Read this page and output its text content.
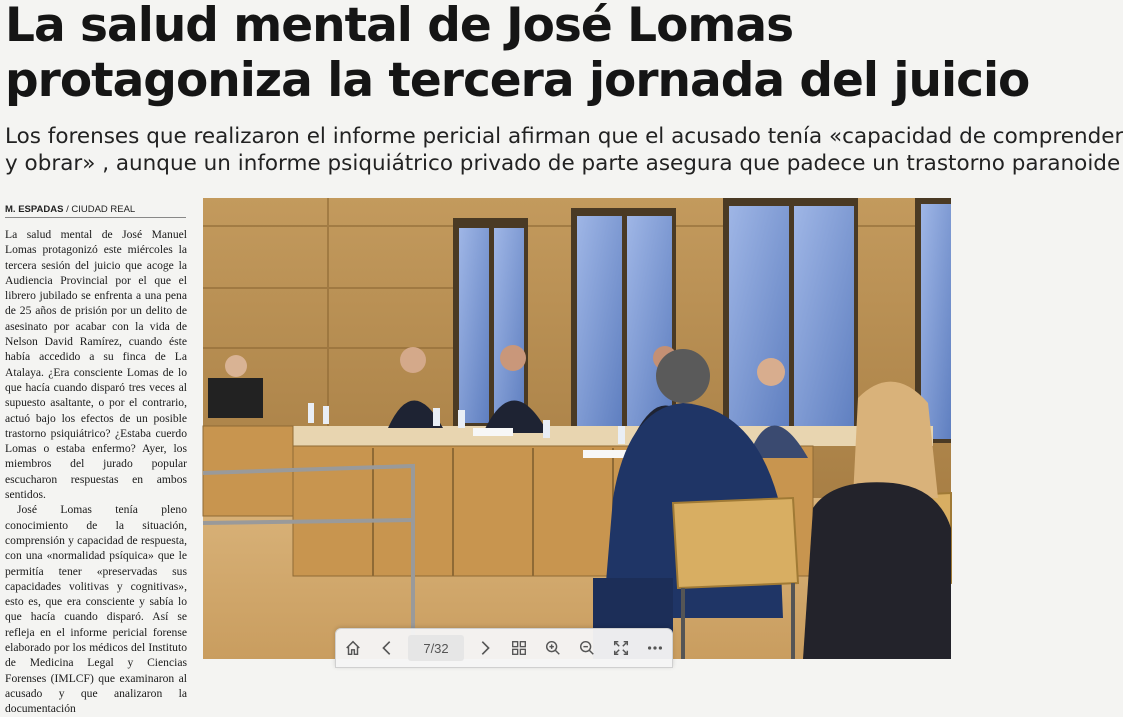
La salud mental de José Lomas
protagoniza la tercera jornada del juicio
Los forenses que realizaron el informe pericial afirman que el acusado tenía «capacidad de comprender
y obrar» , aunque un informe psiquiátrico privado de parte asegura que padece un trastorno paranoide
M. ESPADAS / CIUDAD REAL

La salud mental de José Manuel Lomas protagonizó este miércoles la tercera sesión del juicio que acoge la Audiencia Provincial por el que el librero jubilado se enfrenta a una pena de 25 años de prisión por un delito de asesinato por acabar con la vida de Nelson David Ramírez, cuando éste había accedido a su finca de La Atalaya. ¿Era consciente Lomas de lo que hacía cuando disparó tres veces al supuesto asaltante, o por el contrario, actuó bajo los efectos de un posible trastorno psiquiátrico? ¿Estaba cuerdo Lomas o estaba enfermo? Ayer, los miembros del jurado popular escucharon respuestas en ambos sentidos.

José Lomas tenía pleno conocimiento de la situación, comprensión y capacidad de respuesta, con una «normalidad psíquica» que le permitía tener «preservadas sus capacidades volitivas y cognitivas», esto es, que era consciente y sabía lo que hacía cuando disparó. Así se refleja en el informe pericial forense elaborado por los médicos del Instituto de Medicina Legal y Ciencias Forenses (IMLCF) que examinaron al acusado y que analizaron la documentación

7/32
